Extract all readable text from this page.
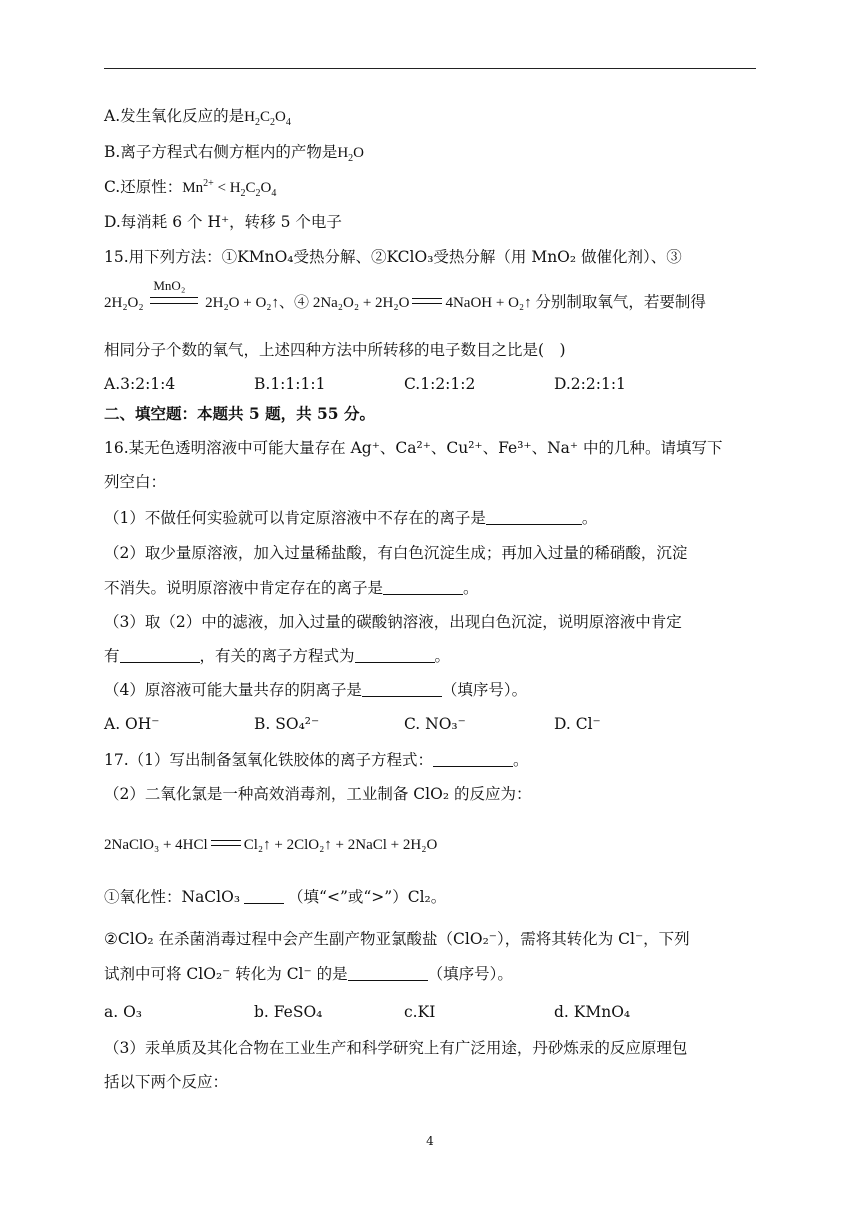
A.发生氧化反应的是$H_2C_2O_4$
B.离子方程式右侧方框内的产物是$H_2O$
C.还原性：$Mn^{2+} < H_2C_2O_4$
D.每消耗 6 个 H⁺，转移 5 个电子
15.用下列方法：①KMnO₄受热分解、②KClO₃受热分解（用 MnO₂ 做催化剂）、③
2H₂O₂
MnO₂
2H₂O + O₂↑、④ 2Na₂O₂ + 2H₂O 4NaOH + O₂↑ 分别制取氧气，若要制得
相同分子个数的氧气，上述四种方法中所转移的电子数目之比是(　)
A.3:2:1:4	B.1:1:1:1	C.1:2:1:2	D.2:2:1:1
二、填空题：本题共 5 题，共 55 分。
16.某无色透明溶液中可能大量存在 Ag⁺、Ca²⁺、Cu²⁺、Fe³⁺、Na⁺ 中的几种。请填写下
列空白：
（1）不做任何实验就可以肯定原溶液中不存在的离子是	。
（2）取少量原溶液，加入过量稀盐酸，有白色沉淀生成；再加入过量的稀硝酸，沉淀
不消失。说明原溶液中肯定存在的离子是	。
（3）取（2）中的滤液，加入过量的碳酸钠溶液，出现白色沉淀，说明原溶液中肯定
有	，有关的离子方程式为	。
（4）原溶液可能大量共存的阴离子是	（填序号）。
A. OH⁻	B. SO₄²⁻	C. NO₃⁻	D. Cl⁻
17.（1）写出制备氢氧化铁胶体的离子方程式：	。
（2）二氧化氯是一种高效消毒剂，工业制备 ClO₂ 的反应为：
2NaClO₃ + 4HCl Cl₂↑ + 2ClO₂↑ + 2NaCl + 2H₂O
①氧化性：NaClO₃	（填“<”或“>”）Cl₂。
②ClO₂ 在杀菌消毒过程中会产生副产物亚氯酸盐（ClO₂⁻），需将其转化为 Cl⁻，下列
试剂中可将 ClO₂⁻ 转化为 Cl⁻ 的是	（填序号）。
a. O₃	b. FeSO₄	c.KI	d. KMnO₄
（3）汞单质及其化合物在工业生产和科学研究上有广泛用途，丹砂炼汞的反应原理包
括以下两个反应：
4
